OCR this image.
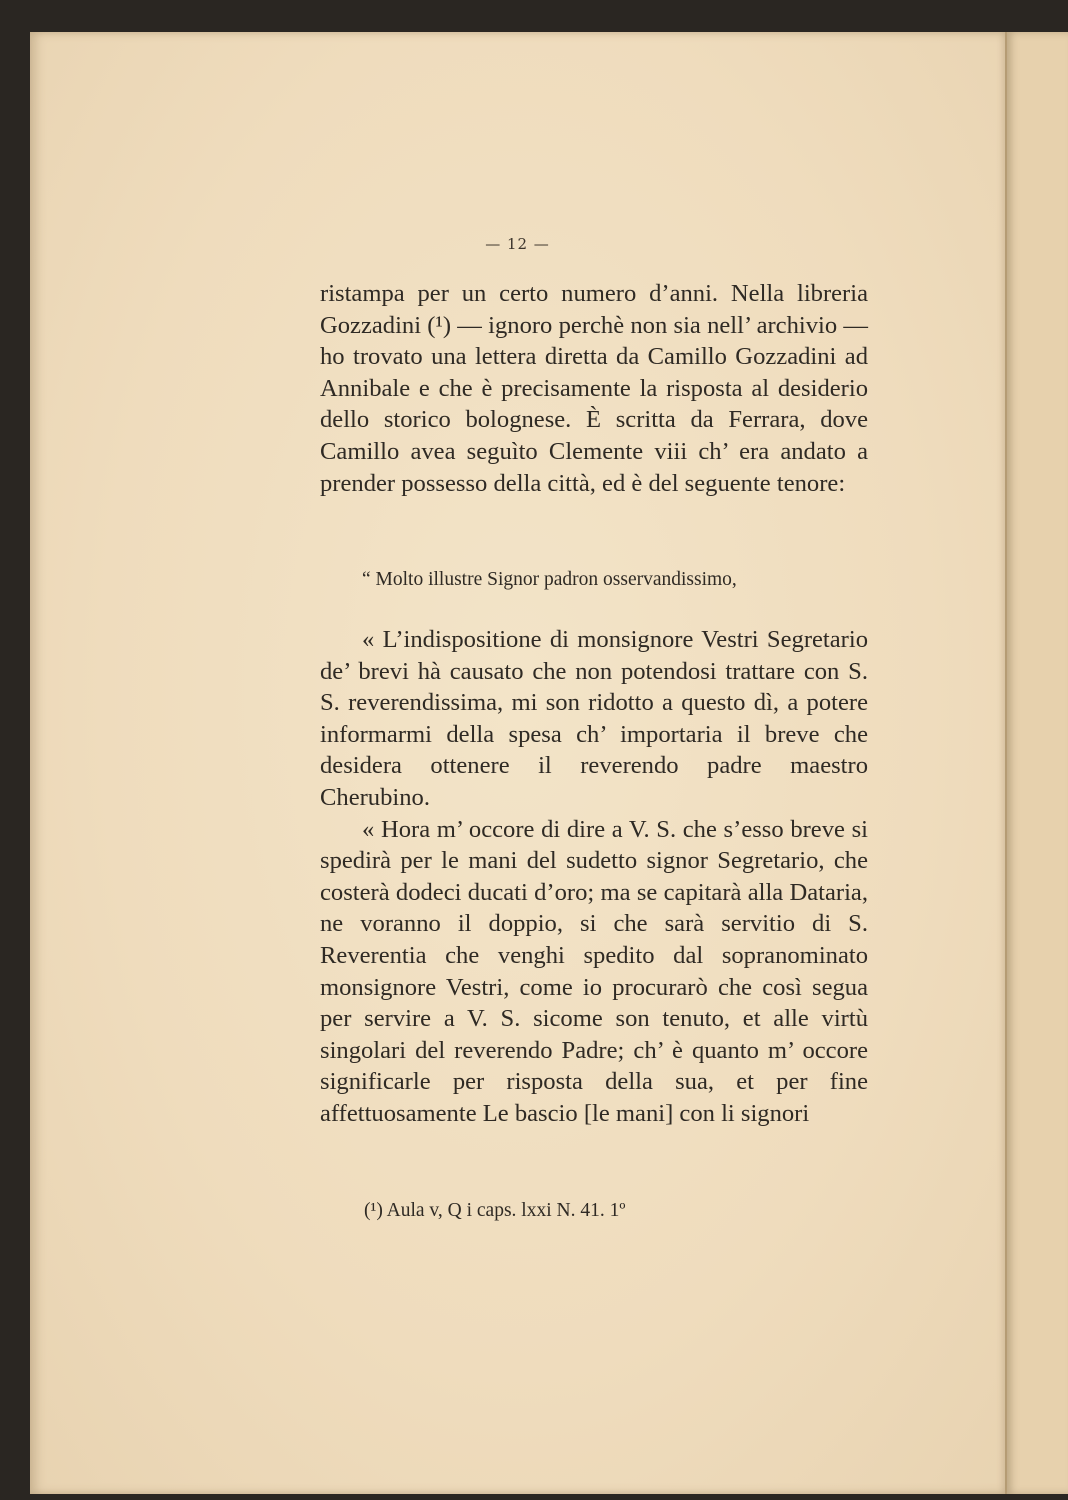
— 12 —

ristampa per un certo numero d’anni. Nella libreria Gozzadini (¹) — ignoro perchè non sia nell’ archivio — ho trovato una lettera diretta da Camillo Gozzadini ad Annibale e che è precisamente la risposta al desiderio dello storico bolognese. È scritta da Ferrara, dove Camillo avea seguìto Clemente viii ch’ era andato a prender possesso della città, ed è del seguente tenore:

“ Molto illustre Signor padron osservandissimo,

« L’indispositione di monsignore Vestri Segretario de’ brevi hà causato che non potendosi trattare con S. S. reverendissima, mi son ridotto a questo dì, a potere informarmi della spesa ch’ importaria il breve che desidera ottenere il reverendo padre maestro Cherubino.

« Hora m’ occore di dire a V. S. che s’esso breve si spedirà per le mani del sudetto signor Segretario, che costerà dodeci ducati d’oro; ma se capitarà alla Dataria, ne voranno il doppio, si che sarà servitio di S. Reverentia che venghi spedito dal sopranominato monsignore Vestri, come io procurarò che così segua per servire a V. S. sicome son tenuto, et alle virtù singolari del reverendo Padre; ch’ è quanto m’ occore significarle per risposta della sua, et per fine affettuosamente Le bascio [le mani] con li signori

(¹) Aula v, Q i caps. lxxi N. 41. 1º
